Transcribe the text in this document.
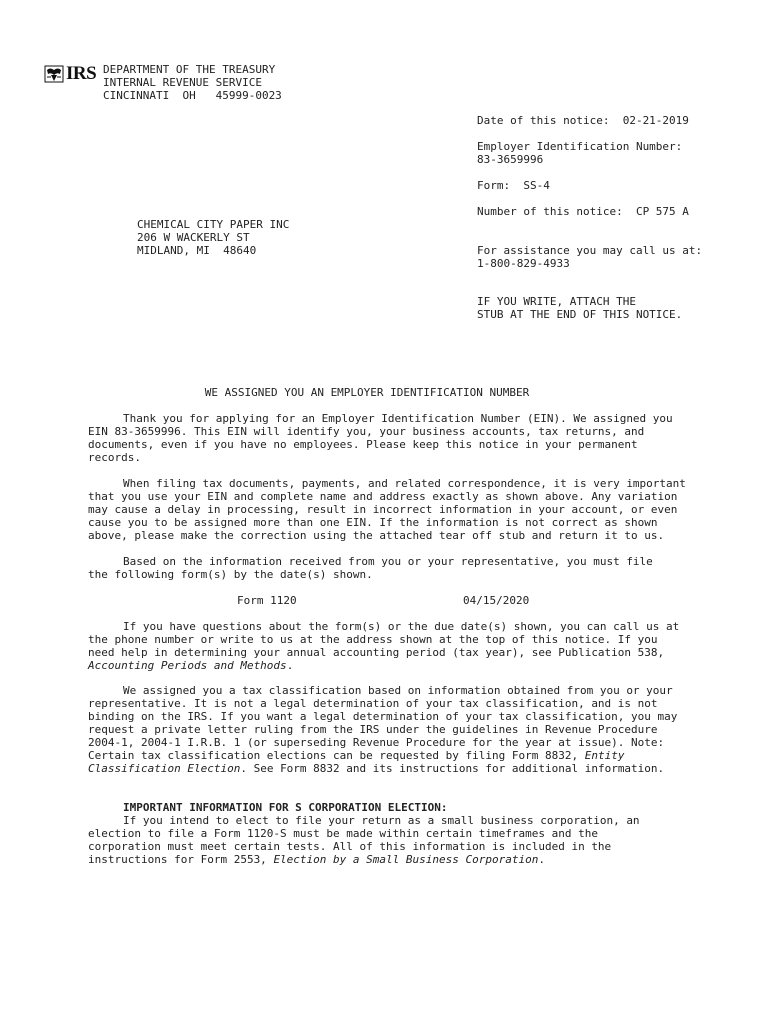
IRS DEPARTMENT OF THE TREASURY
INTERNAL REVENUE SERVICE
CINCINNATI  OH   45999-0023
Date of this notice:  02-21-2019
Employer Identification Number:
83-3659996
Form:  SS-4
Number of this notice:  CP 575 A
For assistance you may call us at:
1-800-829-4933
IF YOU WRITE, ATTACH THE
STUB AT THE END OF THIS NOTICE.
CHEMICAL CITY PAPER INC
206 W WACKERLY ST
MIDLAND, MI  48640
WE ASSIGNED YOU AN EMPLOYER IDENTIFICATION NUMBER
Thank you for applying for an Employer Identification Number (EIN). We assigned you
EIN 83-3659996. This EIN will identify you, your business accounts, tax returns, and
documents, even if you have no employees. Please keep this notice in your permanent
records.
When filing tax documents, payments, and related correspondence, it is very important
that you use your EIN and complete name and address exactly as shown above. Any variation
may cause a delay in processing, result in incorrect information in your account, or even
cause you to be assigned more than one EIN. If the information is not correct as shown
above, please make the correction using the attached tear off stub and return it to us.
Based on the information received from you or your representative, you must file
the following form(s) by the date(s) shown.
Form 1120	04/15/2020
If you have questions about the form(s) or the due date(s) shown, you can call us at
the phone number or write to us at the address shown at the top of this notice. If you
need help in determining your annual accounting period (tax year), see Publication 538,
Accounting Periods and Methods.
We assigned you a tax classification based on information obtained from you or your
representative. It is not a legal determination of your tax classification, and is not
binding on the IRS. If you want a legal determination of your tax classification, you may
request a private letter ruling from the IRS under the guidelines in Revenue Procedure
2004-1, 2004-1 I.R.B. 1 (or superseding Revenue Procedure for the year at issue). Note:
Certain tax classification elections can be requested by filing Form 8832, Entity
Classification Election. See Form 8832 and its instructions for additional information.

IMPORTANT INFORMATION FOR S CORPORATION ELECTION:

If you intend to elect to file your return as a small business corporation, an
election to file a Form 1120-S must be made within certain timeframes and the
corporation must meet certain tests. All of this information is included in the
instructions for Form 2553, Election by a Small Business Corporation.
